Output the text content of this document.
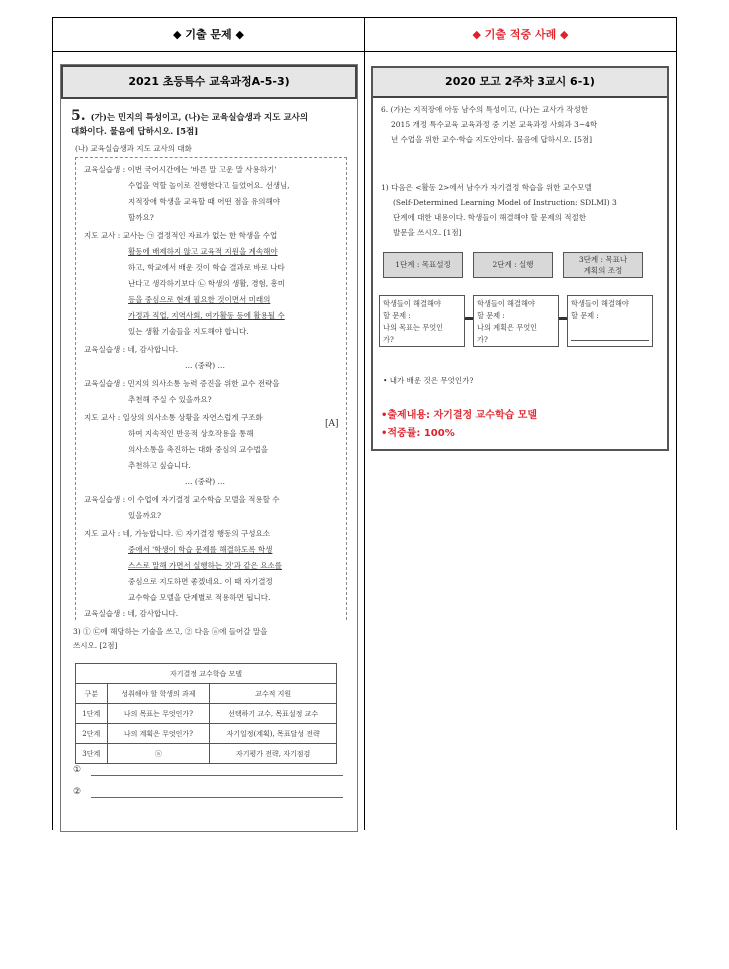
◆ 기출 문제 ◆	◆ 기출 적중 사례 ◆
2021 초등특수 교육과정A-5-3)
5. (가)는 민지의 특성이고, (나)는 교육실습생과 지도 교사의
대화이다. 물음에 답하시오. [5점]
(나) 교육실습생과 지도 교사의 대화
교육실습생 : 이번 국어시간에는 '바른 말 고운 말 사용하기'
수업을 역할 놀이로 진행한다고 들었어요. 선생님,
지적장애 학생을 교육할 때 어떤 점을 유의해야
할까요?
지도 교사 : 교사는 ㉠ 결정적인 자료가 없는 한 학생을 수업
활동에 배제하지 않고 교육적 지원을 계속해야
하고, 학교에서 배운 것이 학습 결과로 바로 나타
난다고 생각하기보다 ㉡ 학생의 생활, 경험, 흥미
등을 중심으로 현재 필요한 것이면서 미래의
가정과 직업, 지역사회, 여가활동 등에 활용될 수
있는 생활 기술들을 지도해야 합니다.
교육실습생 : 네, 감사합니다.
… (중략) …
교육실습생 : 민지의 의사소통 능력 증진을 위한 교수 전략을
추천해 주실 수 있을까요?
지도 교사 : 일상의 의사소통 상황을 자연스럽게 구조화
하여 지속적인 반응적 상호작용을 통해
의사소통을 촉진하는 대화 중심의 교수법을
추천하고 싶습니다.
… (중략) …
교육실습생 : 이 수업에 자기결정 교수학습 모델을 적용할 수
있을까요?
지도 교사 : 네, 가능합니다. ㉢ 자기결정 행동의 구성요소
중에서 '학생이 학습 문제를 해결하도록 학생
스스로 말해 가면서 실행하는 것'과 같은 요소를
중심으로 지도하면 좋겠네요. 이 때 자기결정
교수학습 모델을 단계별로 적용하면 됩니다.
교육실습생 : 네, 감사합니다.
[A]
3) ① ㉢에 해당하는 기술을 쓰고, ② 다음 ⓐ에 들어갈 말을
쓰시오. [2점]
자기결정 교수학습 모델		
구분	성취해야 할 학생의 과제	교수적 지원
1단계	나의 목표는 무엇인가?	선택하기 교수, 목표설정 교수
2단계	나의 계획은 무엇인가?	자기일정(계획), 목표달성 전략
3단계	ⓐ	자기평가 전략, 자기점검
①
②
2020 모고 2주차 3교시 6-1)
6. (가)는 지적장애 아동 남수의 특성이고, (나)는 교사가 작성한
2015 개정 특수교육 교육과정 중 기본 교육과정 사회과 3~4학
년 수업을 위한 교수·학습 지도안이다. 물음에 답하시오. [5점]
1) 다음은 <활동 2>에서 남수가 자기결정 학습을 위한 교수모델
(Self-Determined Learning Model of Instruction: SDLMI) 3
단계에 대한 내용이다. 학생들이 해결해야 할 문제의 적절한
발문을 쓰시오. [1점]
1단계 : 목표설정	2단계 : 실행
3단계 : 목표나
계획의 조정
학생들이 해결해야
할 문제 :
나의 목표는 무엇인
가?
학생들이 해결해야
할 문제 :
나의 계획은 무엇인
가?
학생들이 해결해야
할 문제 :
• 내가 배운 것은 무엇인가?
•출제내용: 자기결정 교수학습 모델
•적중률: 100%
